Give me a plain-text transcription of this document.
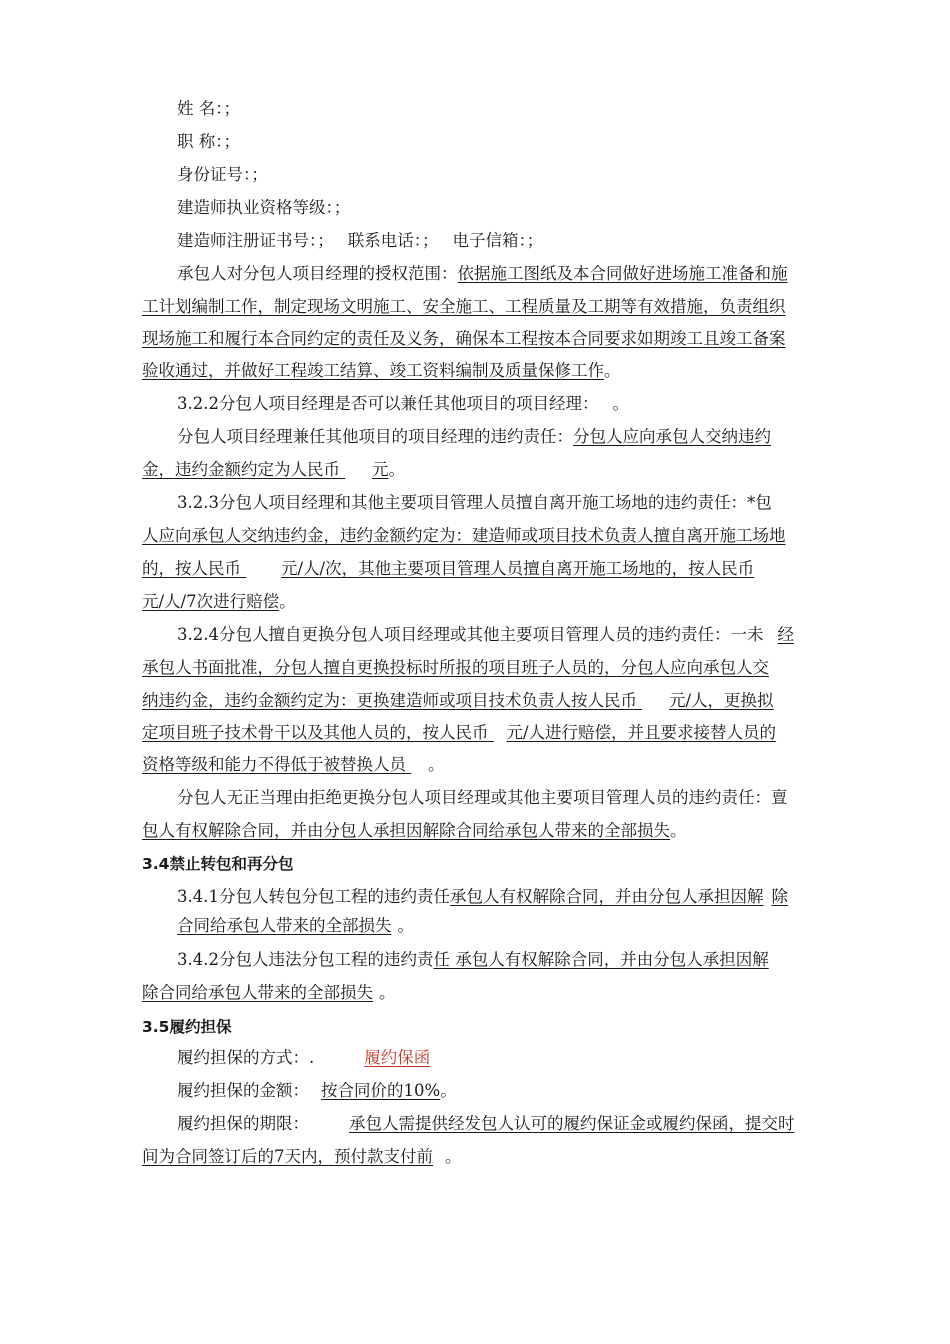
姓 名：；
职 称：；
身份证号：；
建造师执业资格等级：；
建造师注册证书号：； 联系电话：； 电子信箱：；
承包人对分包人项目经理的授权范围：依据施工图纸及本合同做好进场施工准备和施
工计划编制工作，制定现场文明施工、安全施工、工程质量及工期等有效措施，负责组织
现场施工和履行本合同约定的责任及义务，确保本工程按本合同要求如期竣工且竣工备案
验收通过，并做好工程竣工结算、竣工资料编制及质量保修工作。
3.2.2分包人项目经理是否可以兼任其他项目的项目经理： 。
分包人项目经理兼任其他项目的项目经理的违约责任：分包人应向承包人交纳违约
金，违约金额约定为人民币 元。
3.2.3分包人项目经理和其他主要项目管理人员擅自离开施工场地的违约责任：*包
人应向承包人交纳违约金，违约金额约定为：建造师或项目技术负责人擅自离开施工场地
的，按人民币 元/人/次，其他主要项目管理人员擅自离开施工场地的，按人民币
元/人/7次进行赔偿。
3.2.4分包人擅自更换分包人项目经理或其他主要项目管理人员的违约责任：一未 经
承包人书面批准，分包人擅自更换投标时所报的项目班子人员的，分包人应向承包人交
纳违约金，违约金额约定为：更换建造师或项目技术负责人按人民币 元/人，更换拟
定项目班子技术骨干以及其他人员的，按人民币 元/人进行赔偿，并且要求接替人员的
资格等级和能力不得低于被替换人员 。
分包人无正当理由拒绝更换分包人项目经理或其他主要项目管理人员的违约责任：亶
包人有权解除合同，并由分包人承担因解除合同给承包人带来的全部损失。
3.4禁止转包和再分包
3.4.1分包人转包分包工程的违约责任承包人有权解除合同，并由分包人承担因解 除
合同给承包人带来的全部损失 。
3.4.2分包人违法分包工程的违约责任 承包人有权解除合同，并由分包人承担因解
除合同给承包人带来的全部损失 。
3.5履约担保
履约担保的方式：.	履约保函
履约担保的金额： 按合同价的10%。
履约担保的期限： 承包人需提供经发包人认可的履约保证金或履约保函，提交时
间为合同签订后的7天内，预付款支付前 。
